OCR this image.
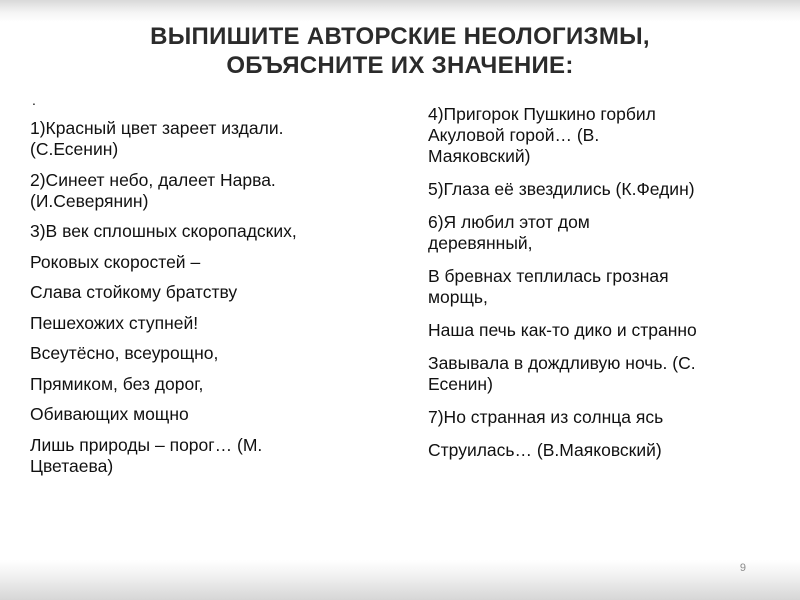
ВЫПИШИТЕ АВТОРСКИЕ НЕОЛОГИЗМЫ,
ОБЪЯСНИТЕ ИХ ЗНАЧЕНИЕ:
.
1)Красный цвет зареет издали.
(С.Есенин)
2)Синеет небо, далеет Нарва.
(И.Северянин)
3)В век сплошных скоропадских,
Роковых скоростей –
Слава стойкому братству
Пешехожих ступней!
Всеутёсно, всеурощно,
Прямиком, без дорог,
Обивающих мощно
Лишь природы – порог… (М.
Цветаева)
4)Пригорок Пушкино горбил
Акуловой горой… (В.
Маяковский)
5)Глаза её звездились (К.Федин)
6)Я любил этот дом
деревянный,
В бревнах теплилась грозная
морщь,
Наша печь как-то дико и странно
Завывала в дождливую ночь. (С.
Есенин)
7)Но странная из солнца ясь
Струилась… (В.Маяковский)
9
